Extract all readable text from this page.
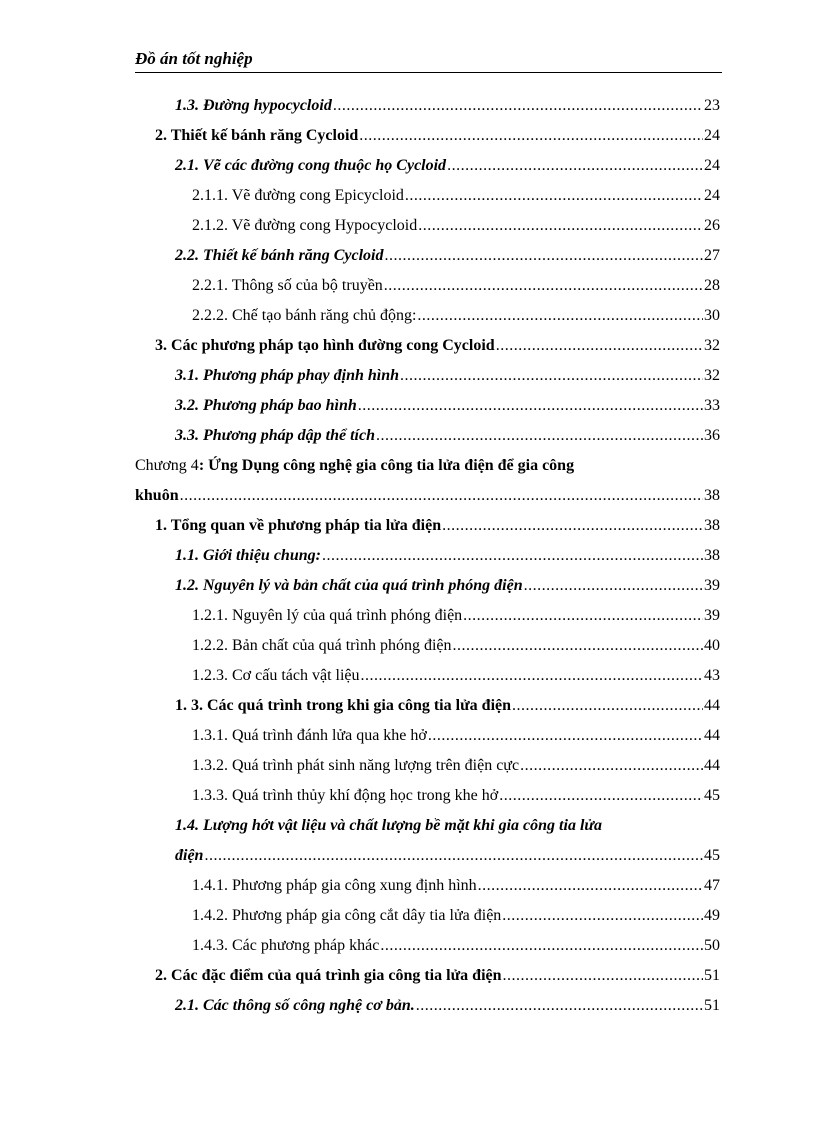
Đồ án tốt nghiệp
1.3. Đường hypocycloid .....	23
2. Thiết kế bánh răng Cycloid .....	24
2.1. Vẽ các đường cong thuộc họ Cycloid .....	24
2.1.1. Vẽ đường cong Epicycloid .....	24
2.1.2. Vẽ đường cong Hypocycloid .....	26
2.2. Thiết kế bánh răng Cycloid .....	27
2.2.1. Thông số của bộ truyền .....	28
2.2.2. Chế tạo bánh răng chủ động: .....	30
3. Các phương pháp tạo hình đường cong Cycloid .....	32
3.1. Phương pháp phay định hình .....	32
3.2. Phương pháp bao hình .....	33
3.3. Phương pháp dập thể tích .....	36
Chương 4: Ứng Dụng công nghệ gia công tia lửa điện để gia công
khuôn .....	38
1. Tổng quan về phương pháp tia lửa điện .....	38
1.1. Giới thiệu chung: .....	38
1.2. Nguyên lý và bản chất của quá trình phóng điện .....	39
1.2.1. Nguyên lý của quá trình phóng điện .....	39
1.2.2. Bản chất của quá trình phóng điện .....	40
1.2.3. Cơ cấu tách vật liệu .....	43
1. 3. Các quá trình trong khi gia công tia lửa điện .....	44
1.3.1. Quá trình đánh lửa qua khe hở .....	44
1.3.2. Quá trình phát sinh năng lượng trên điện cực .....	44
1.3.3. Quá trình thủy khí động học trong khe hở .....	45
1.4. Lượng hớt vật liệu và chất lượng bề mặt khi gia công tia lửa
điện .....	45
1.4.1. Phương pháp gia công xung định hình .....	47
1.4.2. Phương pháp gia công cắt dây tia lửa điện .....	49
1.4.3. Các phương pháp khác .....	50
2. Các đặc điểm của quá trình gia công tia lửa điện .....	51
2.1. Các thông số công nghệ cơ bản. .....	51
